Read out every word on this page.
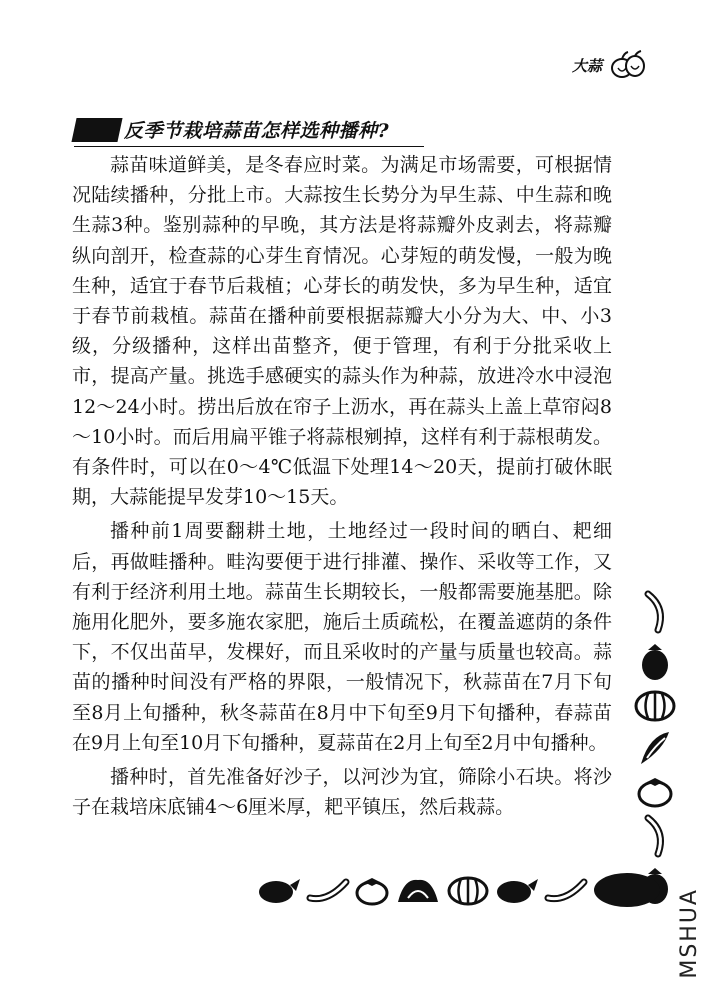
大蒜
反季节栽培蒜苗怎样选种播种?

蒜苗味道鲜美，是冬春应时菜。为满足市场需要，可根据情况陆续播种，分批上市。大蒜按生长势分为早生蒜、中生蒜和晚生蒜3种。鉴别蒜种的早晚，其方法是将蒜瓣外皮剥去，将蒜瓣纵向剖开，检查蒜的心芽生育情况。心芽短的萌发慢，一般为晚生种，适宜于春节后栽植；心芽长的萌发快，多为早生种，适宜于春节前栽植。蒜苗在播种前要根据蒜瓣大小分为大、中、小3级，分级播种，这样出苗整齐，便于管理，有利于分批采收上市，提高产量。挑选手感硬实的蒜头作为种蒜，放进冷水中浸泡12～24小时。捞出后放在帘子上沥水，再在蒜头上盖上草帘闷8～10小时。而后用扁平锥子将蒜根剜掉，这样有利于蒜根萌发。有条件时，可以在0～4℃低温下处理14～20天，提前打破休眠期，大蒜能提早发芽10～15天。

播种前1周要翻耕土地，土地经过一段时间的晒白、耙细后，再做畦播种。畦沟要便于进行排灌、操作、采收等工作，又有利于经济利用土地。蒜苗生长期较长，一般都需要施基肥。除施用化肥外，要多施农家肥，施后土质疏松，在覆盖遮荫的条件下，不仅出苗早，发棵好，而且采收时的产量与质量也较高。蒜苗的播种时间没有严格的界限，一般情况下，秋蒜苗在7月下旬至8月上旬播种，秋冬蒜苗在8月中下旬至9月下旬播种，春蒜苗在9月上旬至10月下旬播种，夏蒜苗在2月上旬至2月中旬播种。

播种时，首先准备好沙子，以河沙为宜，筛除小石块。将沙子在栽培床底铺4～6厘米厚，耙平镇压，然后栽蒜。

MSHUA
